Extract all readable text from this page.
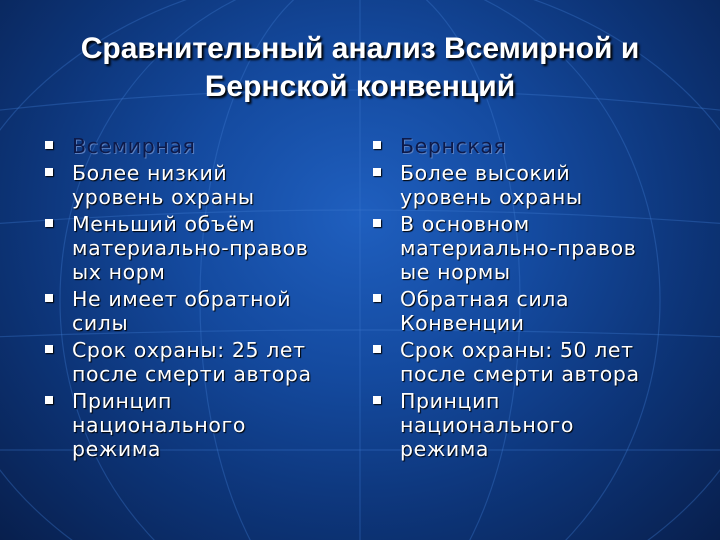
Сравнительный анализ Всемирной и
Бернской конвенций
Всемирная
Более низкий
уровень охраны
Меньший объём
материально-правов
ых норм
Не имеет обратной
силы
Срок охраны: 25 лет
после смерти автора
Принцип
национального
режима
Бернская
Более высокий
уровень охраны
В основном
материально-правов
ые нормы
Обратная сила
Конвенции
Срок охраны: 50 лет
после смерти автора
Принцип
национального
режима
